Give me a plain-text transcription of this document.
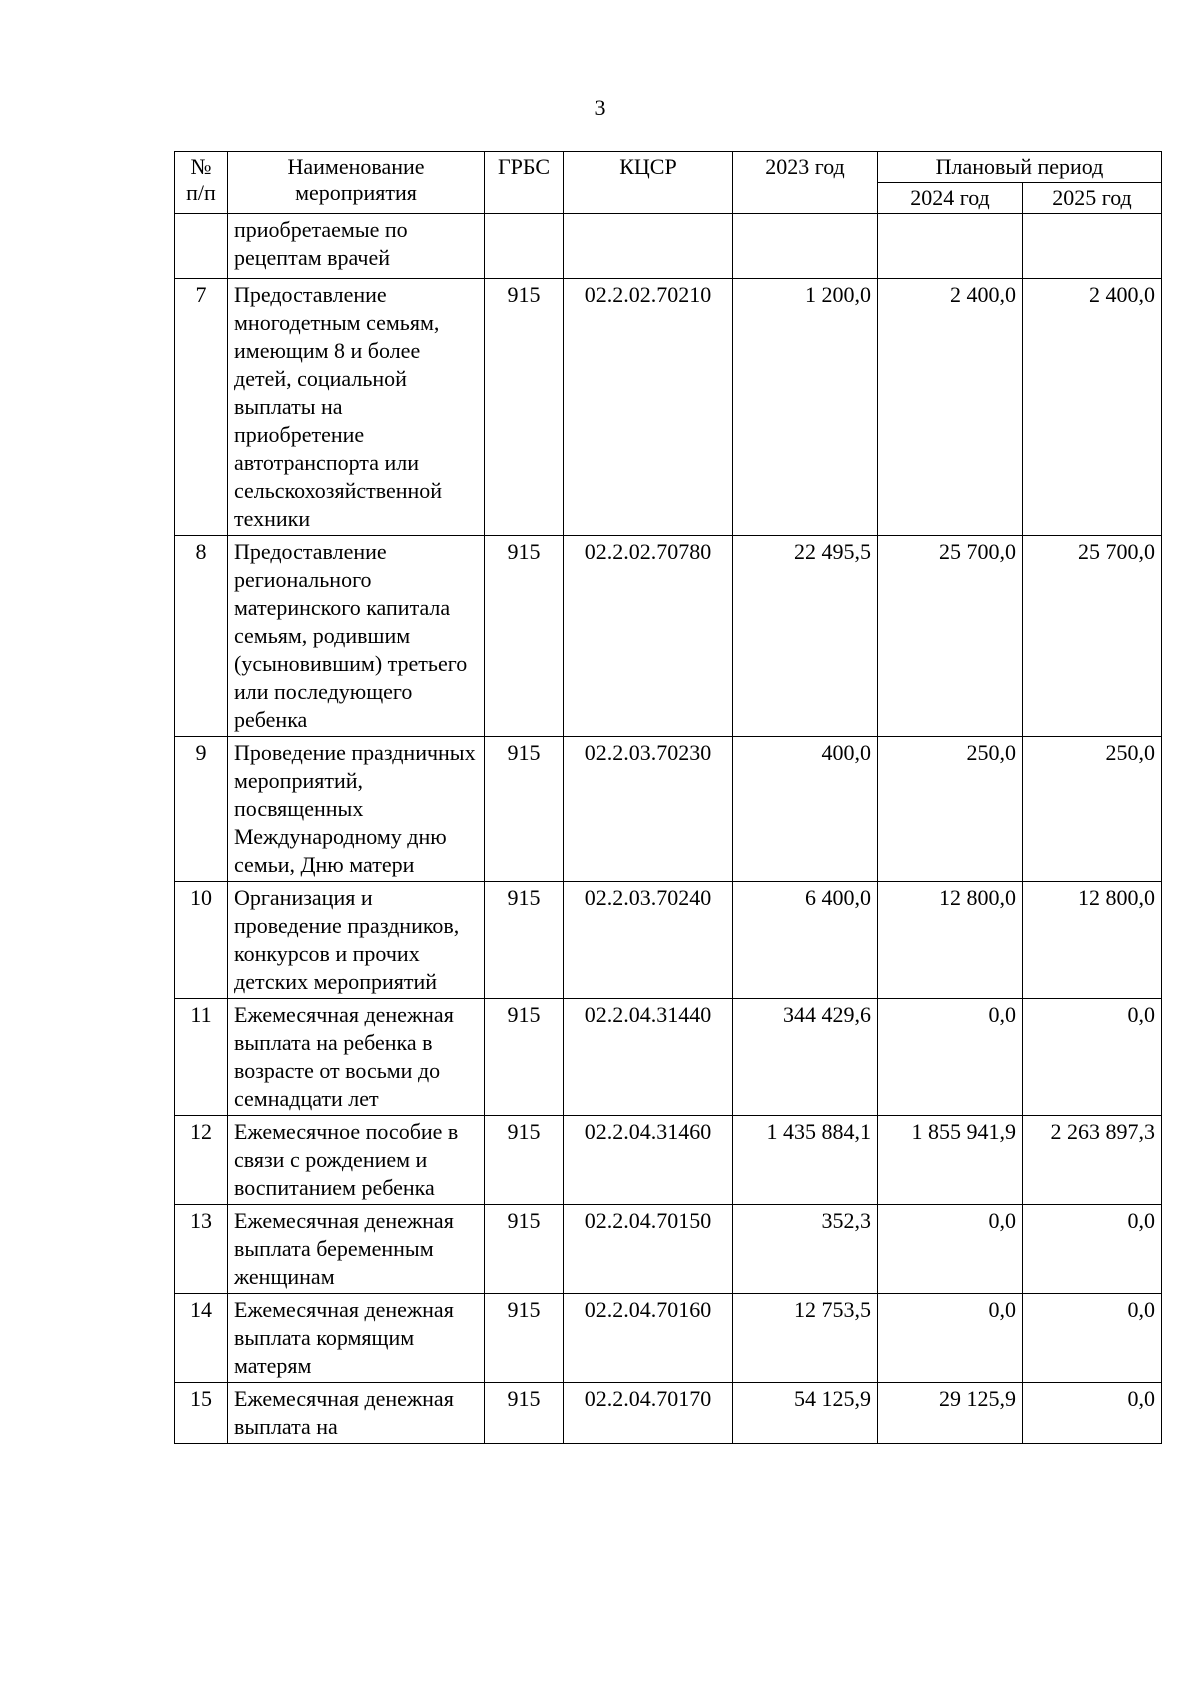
3
№ п/п	Наименование мероприятия	ГРБС	КЦСР	2023 год	Плановый период	
					2024 год	2025 год
	приобретаемые по рецептам врачей					
7	Предоставление многодетным семьям, имеющим 8 и более детей, социальной выплаты на приобретение автотранспорта или сельскохозяйственной техники	915	02.2.02.70210	1 200,0	2 400,0	2 400,0
8	Предоставление регионального материнского капитала семьям, родившим (усыновившим) третьего или последующего ребенка	915	02.2.02.70780	22 495,5	25 700,0	25 700,0
9	Проведение праздничных мероприятий, посвященных Международному дню семьи, Дню матери	915	02.2.03.70230	400,0	250,0	250,0
10	Организация и проведение праздников, конкурсов и прочих детских мероприятий	915	02.2.03.70240	6 400,0	12 800,0	12 800,0
11	Ежемесячная денежная выплата на ребенка в возрасте от восьми до семнадцати лет	915	02.2.04.31440	344 429,6	0,0	0,0
12	Ежемесячное пособие в связи с рождением и воспитанием ребенка	915	02.2.04.31460	1 435 884,1	1 855 941,9	2 263 897,3
13	Ежемесячная денежная выплата беременным женщинам	915	02.2.04.70150	352,3	0,0	0,0
14	Ежемесячная денежная выплата кормящим матерям	915	02.2.04.70160	12 753,5	0,0	0,0
15	Ежемесячная денежная выплата на	915	02.2.04.70170	54 125,9	29 125,9	0,0
